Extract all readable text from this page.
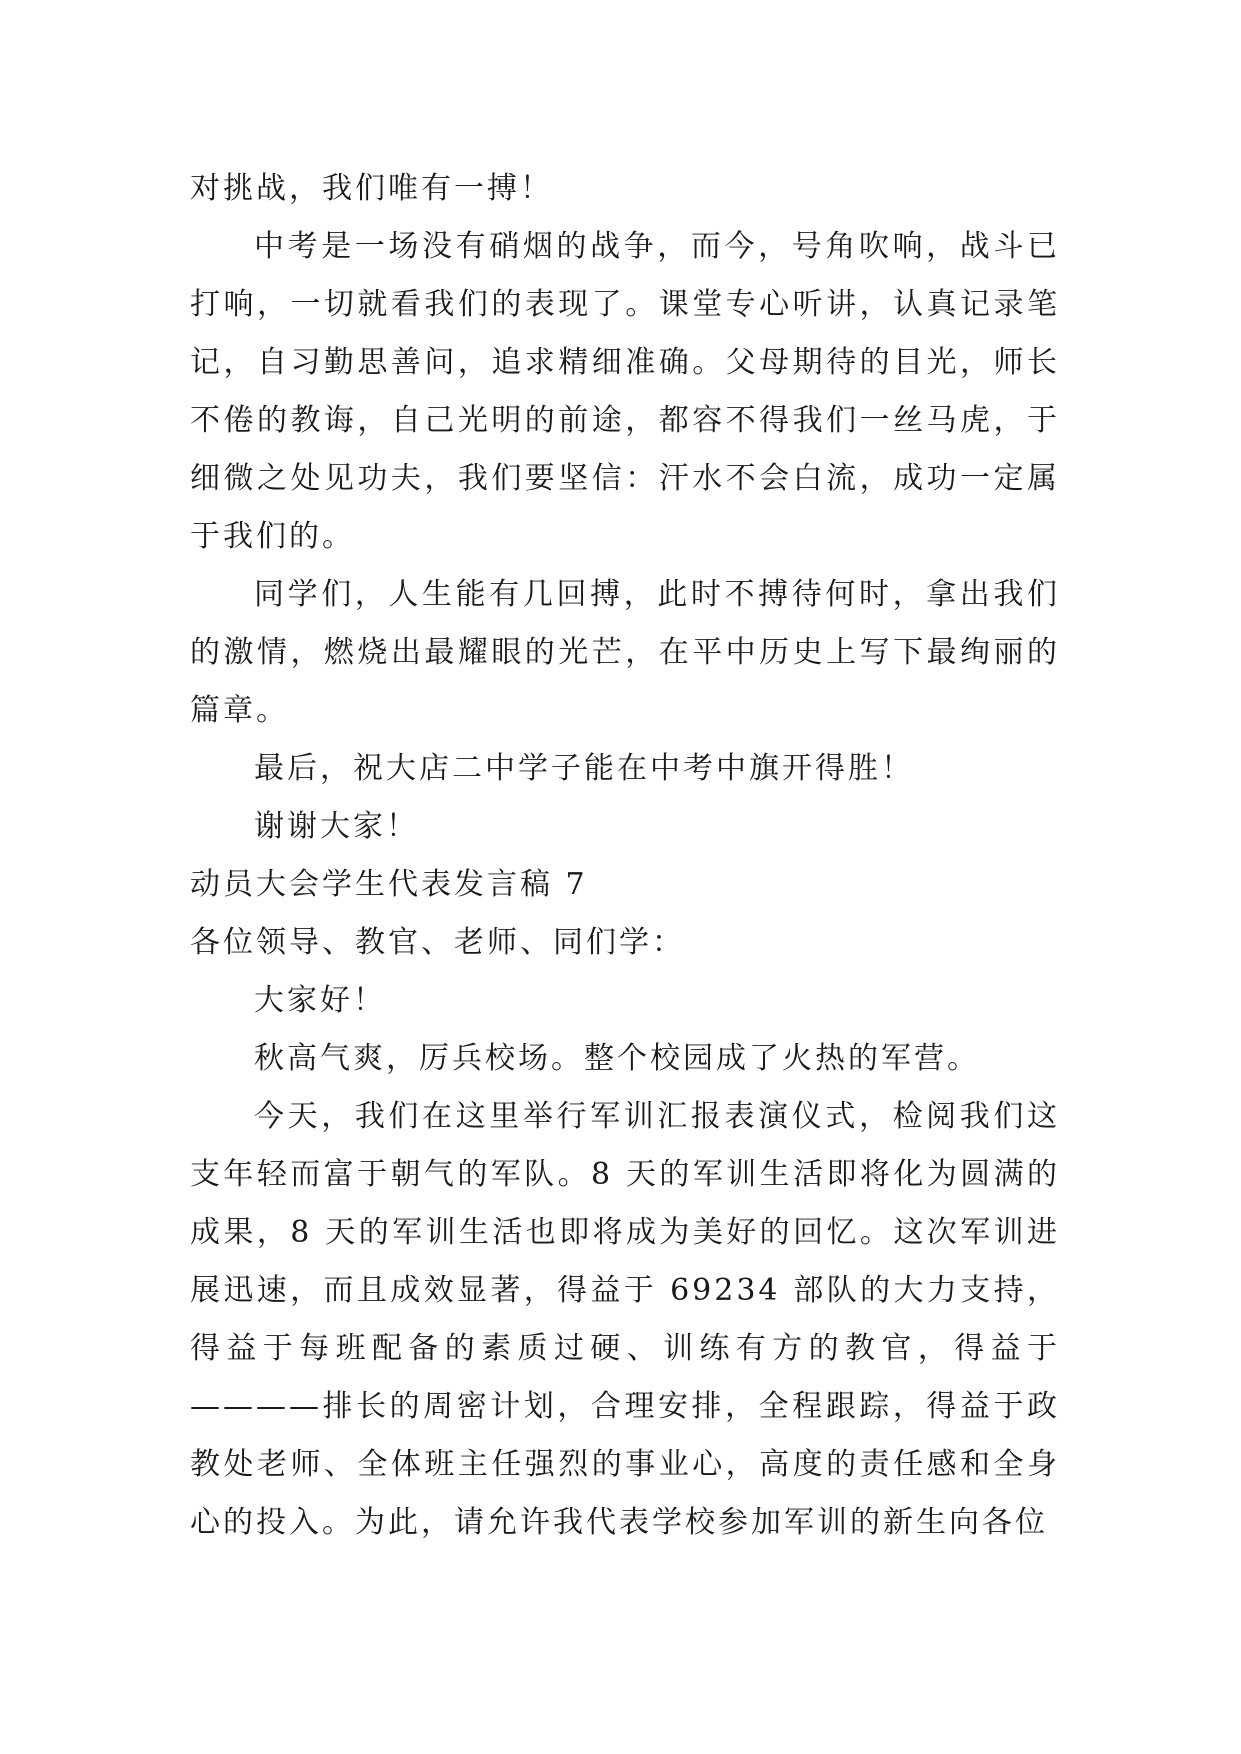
对挑战，我们唯有一搏！

中考是一场没有硝烟的战争，而今，号角吹响，战斗已打响，一切就看我们的表现了。课堂专心听讲，认真记录笔记，自习勤思善问，追求精细准确。父母期待的目光，师长不倦的教诲，自己光明的前途，都容不得我们一丝马虎，于细微之处见功夫，我们要坚信：汗水不会白流，成功一定属于我们的。

同学们，人生能有几回搏，此时不搏待何时，拿出我们的激情，燃烧出最耀眼的光芒，在平中历史上写下最绚丽的篇章。

最后，祝大店二中学子能在中考中旗开得胜！

谢谢大家！

动员大会学生代表发言稿 7

各位领导、教官、老师、同们学：

大家好！

秋高气爽，厉兵校场。整个校园成了火热的军营。

今天，我们在这里举行军训汇报表演仪式，检阅我们这支年轻而富于朝气的军队。8 天的军训生活即将化为圆满的成果，8 天的军训生活也即将成为美好的回忆。这次军训进展迅速，而且成效显著，得益于 69234 部队的大力支持，得益于每班配备的素质过硬、训练有方的教官，得益于————排长的周密计划，合理安排，全程跟踪，得益于政教处老师、全体班主任强烈的事业心，高度的责任感和全身心的投入。为此，请允许我代表学校参加军训的新生向各位
